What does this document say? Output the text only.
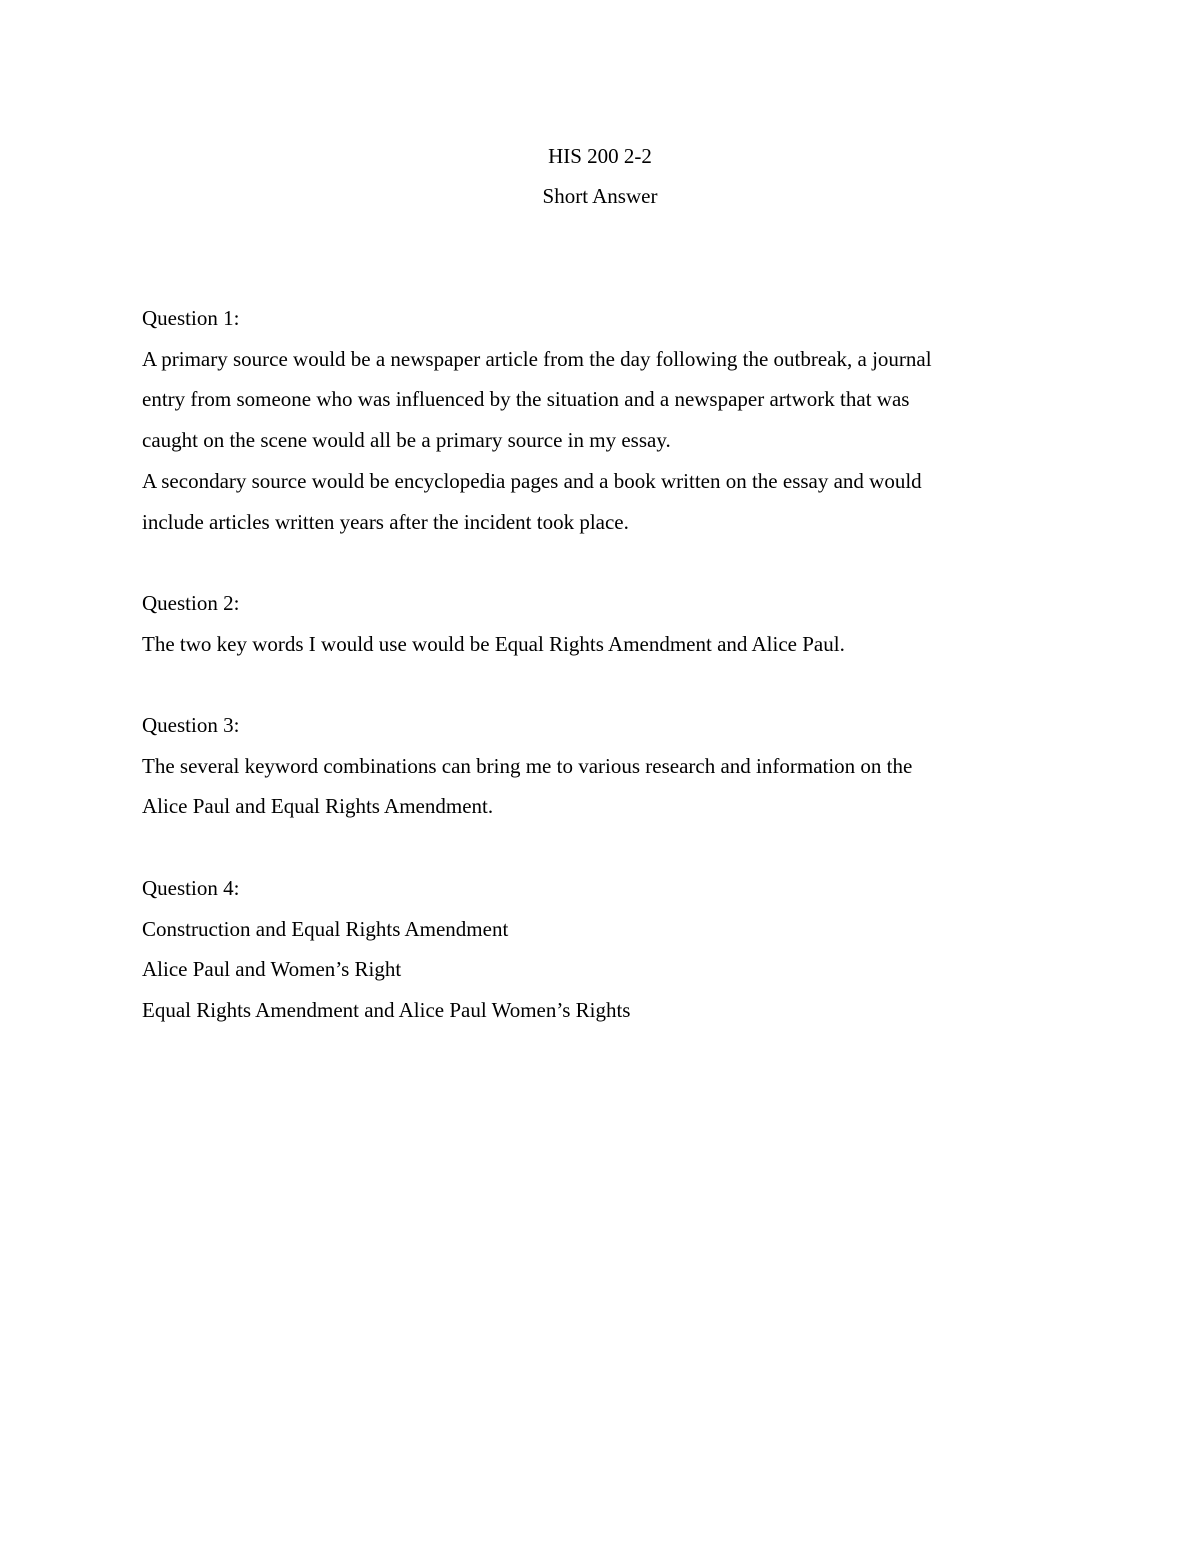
HIS 200 2-2
Short Answer
Question 1:
A primary source would be a newspaper article from the day following the outbreak, a journal
entry from someone who was influenced by the situation and a newspaper artwork that was
caught on the scene would all be a primary source in my essay.
A secondary source would be encyclopedia pages and a book written on the essay and would
include articles written years after the incident took place.
Question 2:
The two key words I would use would be Equal Rights Amendment and Alice Paul.
Question 3:
The several keyword combinations can bring me to various research and information on the
Alice Paul and Equal Rights Amendment.
Question 4:
Construction and Equal Rights Amendment
Alice Paul and Women’s Right
Equal Rights Amendment and Alice Paul Women’s Rights
